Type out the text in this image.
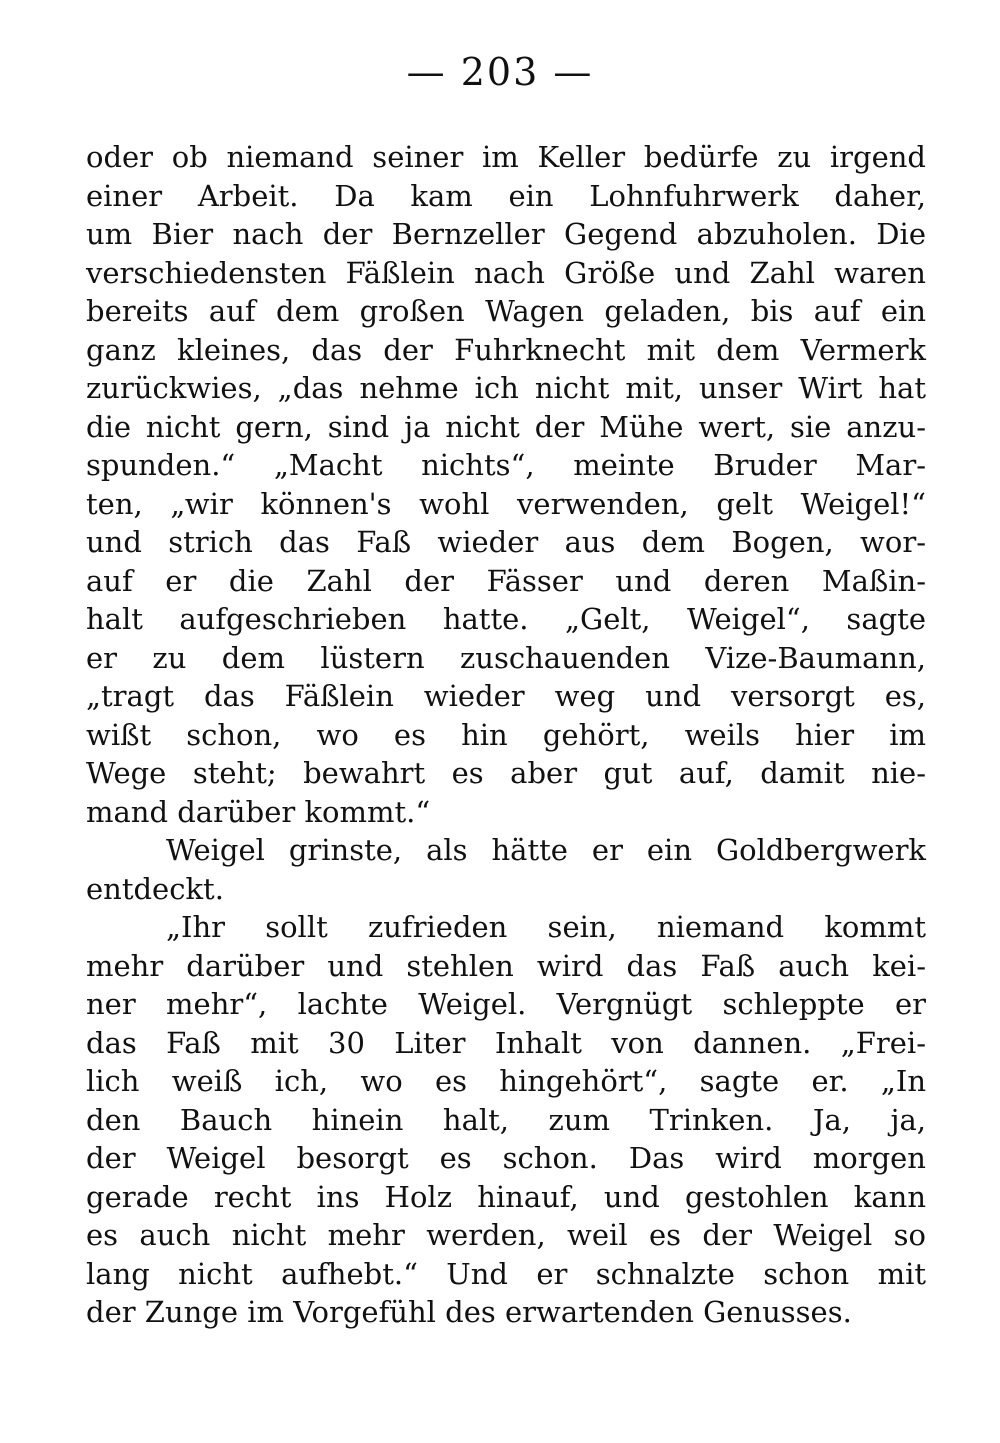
— 203 —
oder ob niemand seiner im Keller bedürfe zu irgend
einer Arbeit. Da kam ein Lohnfuhrwerk daher,
um Bier nach der Bernzeller Gegend abzuholen. Die
verschiedensten Fäßlein nach Größe und Zahl waren
bereits auf dem großen Wagen geladen, bis auf ein
ganz kleines, das der Fuhrknecht mit dem Vermerk
zurückwies, „das nehme ich nicht mit, unser Wirt hat
die nicht gern, sind ja nicht der Mühe wert, sie anzu-
spunden.“ „Macht nichts“, meinte Bruder Mar-
ten, „wir können's wohl verwenden, gelt Weigel!“
und strich das Faß wieder aus dem Bogen, wor-
auf er die Zahl der Fässer und deren Maßin-
halt aufgeschrieben hatte. „Gelt, Weigel“, sagte
er zu dem lüstern zuschauenden Vize-Baumann,
„tragt das Fäßlein wieder weg und versorgt es,
wißt schon, wo es hin gehört, weils hier im
Wege steht; bewahrt es aber gut auf, damit nie-
mand darüber kommt.“
Weigel grinste, als hätte er ein Goldbergwerk
entdeckt.
„Ihr sollt zufrieden sein, niemand kommt
mehr darüber und stehlen wird das Faß auch kei-
ner mehr“, lachte Weigel. Vergnügt schleppte er
das Faß mit 30 Liter Inhalt von dannen. „Frei-
lich weiß ich, wo es hingehört“, sagte er. „In
den Bauch hinein halt, zum Trinken. Ja, ja,
der Weigel besorgt es schon. Das wird morgen
gerade recht ins Holz hinauf, und gestohlen kann
es auch nicht mehr werden, weil es der Weigel so
lang nicht aufhebt.“ Und er schnalzte schon mit
der Zunge im Vorgefühl des erwartenden Genusses.
